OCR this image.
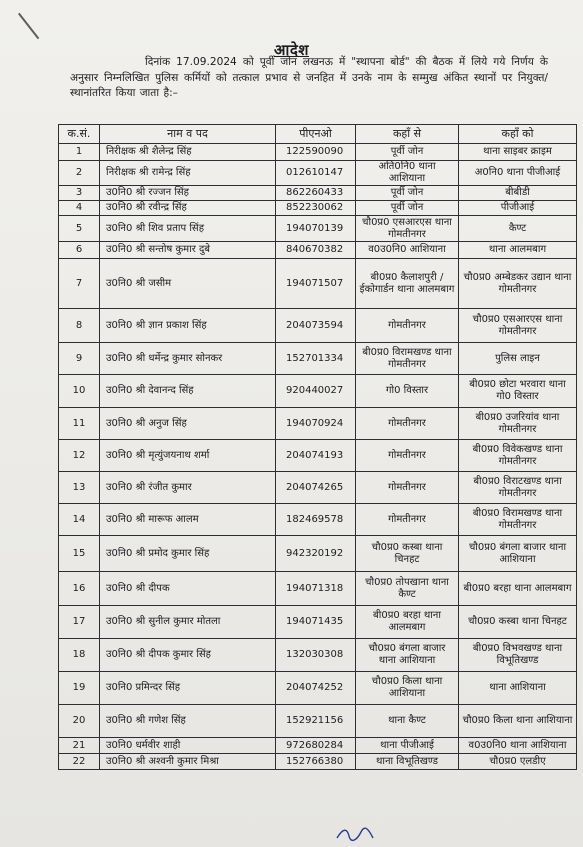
आदेश
दिनांक 17.09.2024 को पूर्वी जोन लखनऊ में "स्थापना बोर्ड" की बैठक में लिये गये निर्णय के अनुसार निम्नलिखित पुलिस कर्मियों को तत्काल प्रभाव से जनहित में उनके नाम के सम्मुख अंकित स्थानों पर नियुक्त/स्थानांतरित किया जाता है:–
क.सं.	नाम व पद	पीएनओ	कहाँ से	कहाँ को
1	निरीक्षक श्री शैलेन्द्र सिंह	122590090	पूर्वी जोन	थाना साइबर क्राइम
2	निरीक्षक श्री रामेन्द्र सिंह	012610147	अति0नि0 थाना आशियाना	अ0नि0 थाना पीजीआई
3	उ0नि0 श्री रज्जन सिंह	862260433	पूर्वी जोन	बीबीडी
4	उ0नि0 श्री रवीन्द्र सिंह	852230062	पूर्वी जोन	पीजीआई
5	उ0नि0 श्री शिव प्रताप सिंह	194070139	चौ0प्र0 एसआरएस थाना गोमतीनगर	कैण्ट
6	उ0नि0 श्री सन्तोष कुमार दुबे	840670382	व0उ0नि0 आशियाना	थाना आलमबाग
7	उ0नि0 श्री जसीम	194071507	बी0प्र0 कैलाशपुरी / ईकोगार्डन थाना आलमबाग	चौ0प्र0 अम्बेडकर उद्यान थाना गोमतीनगर
8	उ0नि0 श्री ज्ञान प्रकाश सिंह	204073594	गोमतीनगर	चौ0प्र0 एसआरएस थाना गोमतीनगर
9	उ0नि0 श्री धर्मेन्द्र कुमार सोनकर	152701334	बी0प्र0 विरामखण्ड थाना गोमतीनगर	पुलिस लाइन
10	उ0नि0 श्री देवानन्द सिंह	920440027	गो0 विस्तार	बी0प्र0 छोटा भरवारा थाना गो0 विस्तार
11	उ0नि0 श्री अनुज सिंह	194070924	गोमतीनगर	बी0प्र0 उजरियांव थाना गोमतीनगर
12	उ0नि0 श्री मृत्युंजयनाथ शर्मा	204074193	गोमतीनगर	बी0प्र0 विवेकखण्ड थाना गोमतीनगर
13	उ0नि0 श्री रंजीत कुमार	204074265	गोमतीनगर	बी0प्र0 विराटखण्ड थाना गोमतीनगर
14	उ0नि0 श्री मारूफ आलम	182469578	गोमतीनगर	बी0प्र0 विरामखण्ड थाना गोमतीनगर
15	उ0नि0 श्री प्रमोद कुमार सिंह	942320192	चौ0प्र0 कस्बा थाना चिनहट	चौ0प्र0 बंगला बाजार थाना आशियाना
16	उ0नि0 श्री दीपक	194071318	चौ0प्र0 तोपखाना थाना कैण्ट	बी0प्र0 बरहा थाना आलमबाग
17	उ0नि0 श्री सुनील कुमार मोतला	194071435	बी0प्र0 बरहा थाना आलमबाग	चौ0प्र0 कस्बा थाना चिनहट
18	उ0नि0 श्री दीपक कुमार सिंह	132030308	चौ0प्र0 बंगला बाजार थाना आशियाना	बी0प्र0 विभवखण्ड थाना विभूतिखण्ड
19	उ0नि0 प्रमिन्दर सिंह	204074252	चौ0प्र0 किला थाना आशियाना	थाना आशियाना
20	उ0नि0 श्री गणेश सिंह	152921156	थाना कैण्ट	चौ0प्र0 किला थाना आशियाना
21	उ0नि0 धर्मवीर शाही	972680284	थाना पीजीआई	व0उ0नि0 थाना आशियाना
22	उ0नि0 श्री अश्वनी कुमार मिश्रा	152766380	थाना विभूतिखण्ड	चौ0प्र0 एलडीए
